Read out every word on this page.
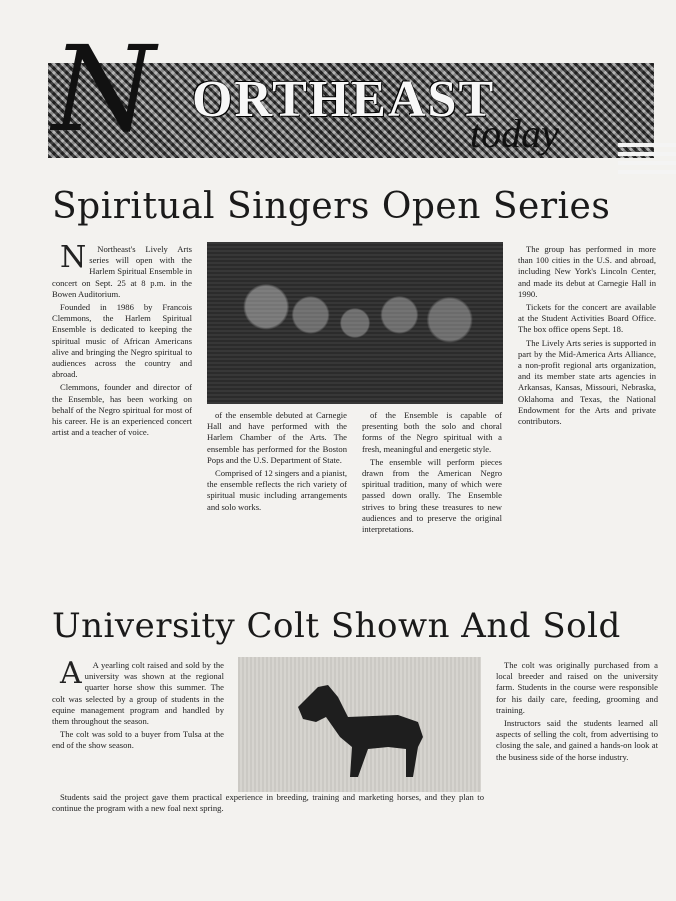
N ORTHEAST
today
Spiritual Singers Open Series

N Northeast's Lively Arts series will open with the Harlem Spiritual Ensemble in concert on Sept. 25 at 8 p.m. in the Bowen Auditorium.

Founded in 1986 by Francois Clemmons, the Harlem Spiritual Ensemble is dedicated to keeping the spiritual music of African Americans alive and bringing the Negro spiritual to audiences across the country and abroad.

Clemmons, founder and director of the Ensemble, has been working on behalf of the Negro spiritual for most of his career. He is an experienced concert artist and a teacher of voice.

of the ensemble debuted at Carnegie Hall and have performed with the Harlem Chamber of the Arts. The ensemble has performed for the Boston Pops and the U.S. Department of State.

Comprised of 12 singers and a pianist, the ensemble reflects the rich variety of spiritual music including arrangements and solo works.

of the Ensemble is capable of presenting both the solo and choral forms of the Negro spiritual with a fresh, meaningful and energetic style.

The ensemble will perform pieces drawn from the American Negro spiritual tradition, many of which were passed down orally. The Ensemble strives to bring these treasures to new audiences and to preserve the original interpretations.

The group has performed in more than 100 cities in the U.S. and abroad, including New York's Lincoln Center, and made its debut at Carnegie Hall in 1990.

Tickets for the concert are available at the Student Activities Board Office. The box office opens Sept. 18.

The Lively Arts series is supported in part by the Mid-America Arts Alliance, a non-profit regional arts organization, and its member state arts agencies in Arkansas, Kansas, Missouri, Nebraska, Oklahoma and Texas, the National Endowment for the Arts and private contributors.

University Colt Shown And Sold

A A yearling colt raised and sold by the university was shown at the regional quarter horse show this summer. The colt was selected by a group of students in the equine management program and handled by them throughout the season.

The colt was sold to a buyer from Tulsa at the end of the show season.

Students said the project gave them practical experience in breeding, training and marketing horses, and they plan to continue the program with a new foal next spring.

The colt was originally purchased from a local breeder and raised on the university farm. Students in the course were responsible for his daily care, feeding, grooming and training.

Instructors said the students learned all aspects of selling the colt, from advertising to closing the sale, and gained a hands-on look at the business side of the horse industry.
